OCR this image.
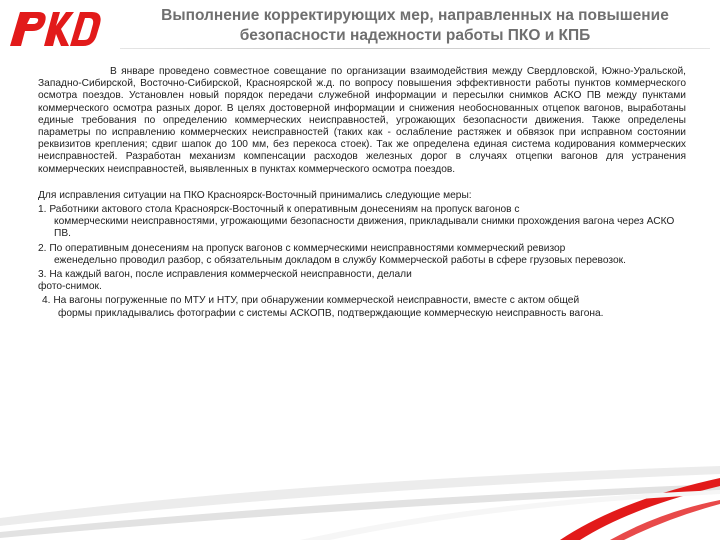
Выполнение корректирующих мер, направленных на повышение
безопасности надежности работы ПКО и КПБ

В январе проведено совместное совещание по организации взаимодействия между Свердловской, Южно-Уральской, Западно-Сибирской, Восточно-Сибирской, Красноярской ж.д. по вопросу повышения эффективности работы пунктов коммерческого осмотра поездов. Установлен новый порядок передачи служебной информации и пересылки снимков АСКО ПВ между пунктами коммерческого осмотра разных дорог. В целях достоверной информации и снижения необоснованных отцепок вагонов, выработаны единые требования по определению коммерческих неисправностей, угрожающих безопасности движения. Также определены параметры по исправлению коммерческих неисправностей (таких как - ослабление растяжек и обвязок при исправном состоянии реквизитов крепления; сдвиг шапок до 100 мм, без перекоса стоек). Так же определена единая система кодирования коммерческих неисправностей. Разработан механизм компенсации расходов железных дорог в случаях отцепки вагонов для устранения коммерческих неисправностей, выявленных в пунктах коммерческого осмотра поездов.

Для исправления ситуации на ПКО Красноярск-Восточный принимались следующие меры:

1. Работники актового стола Красноярск-Восточный к оперативным донесениям на пропуск вагонов с
коммерческими неисправностями, угрожающими безопасности движения, прикладывали снимки прохождения вагона через АСКО ПВ.
2. По оперативным донесениям на пропуск вагонов с коммерческими неисправностями коммерческий ревизор
еженедельно проводил разбор, с обязательным докладом в службу Коммерческой работы в сфере грузовых перевозок.
3. На каждый вагон, после исправления коммерческой неисправности, делали
фото-снимок.
4. На вагоны погруженные по МТУ и НТУ, при обнаружении коммерческой неисправности, вместе с актом общей
формы прикладывались фотографии с системы АСКОПВ, подтверждающие коммерческую неисправность вагона.
